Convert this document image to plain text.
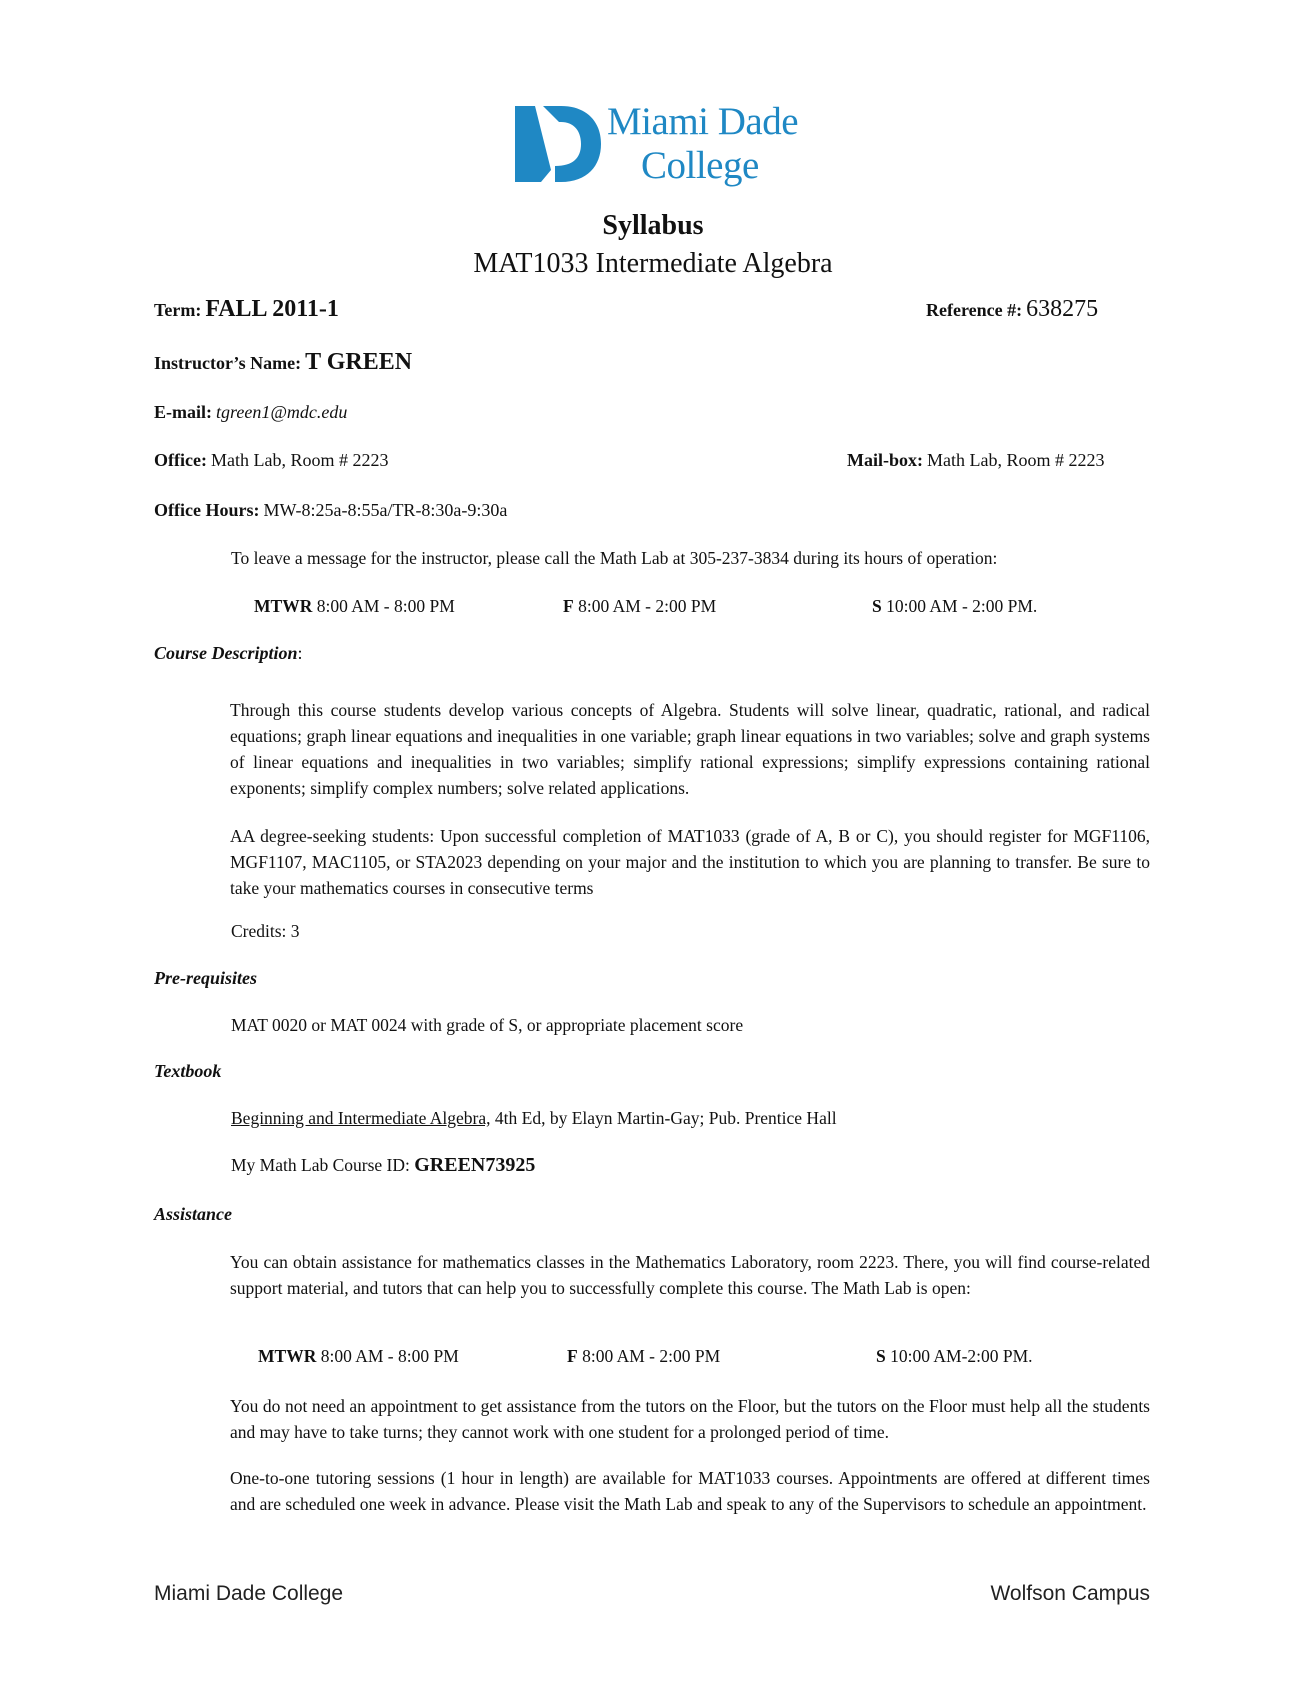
Miami Dade
College
Syllabus
MAT1033 Intermediate Algebra
Term: FALL 2011-1	Reference #: 638275
Instructor’s Name: T GREEN
E-mail: tgreen1@mdc.edu
Office: Math Lab, Room # 2223	Mail-box: Math Lab, Room # 2223
Office Hours: MW-8:25a-8:55a/TR-8:30a-9:30a
To leave a message for the instructor, please call the Math Lab at 305-237-3834 during its hours of operation:
MTWR 8:00 AM - 8:00 PM	F 8:00 AM - 2:00 PM	S 10:00 AM - 2:00 PM.
Course Description:
Through this course students develop various concepts of Algebra. Students will solve linear, quadratic, rational, and radical equations; graph linear equations and inequalities in one variable; graph linear equations in two variables; solve and graph systems of linear equations and inequalities in two variables; simplify rational expressions; simplify expressions containing rational exponents; simplify complex numbers; solve related applications.
AA degree-seeking students: Upon successful completion of MAT1033 (grade of A, B or C), you should register for MGF1106, MGF1107, MAC1105, or STA2023 depending on your major and the institution to which you are planning to transfer. Be sure to take your mathematics courses in consecutive terms
Credits: 3
Pre-requisites
MAT 0020 or MAT 0024 with grade of S, or appropriate placement score
Textbook
Beginning and Intermediate Algebra, 4th Ed, by Elayn Martin-Gay; Pub. Prentice Hall
My Math Lab Course ID: GREEN73925
Assistance
You can obtain assistance for mathematics classes in the Mathematics Laboratory, room 2223. There, you will find course-related support material, and tutors that can help you to successfully complete this course. The Math Lab is open:
MTWR 8:00 AM - 8:00 PM	F 8:00 AM - 2:00 PM	S 10:00 AM-2:00 PM.
You do not need an appointment to get assistance from the tutors on the Floor, but the tutors on the Floor must help all the students and may have to take turns; they cannot work with one student for a prolonged period of time.
One-to-one tutoring sessions (1 hour in length) are available for MAT1033 courses. Appointments are offered at different times and are scheduled one week in advance. Please visit the Math Lab and speak to any of the Supervisors to schedule an appointment.
Miami Dade College	Wolfson Campus
